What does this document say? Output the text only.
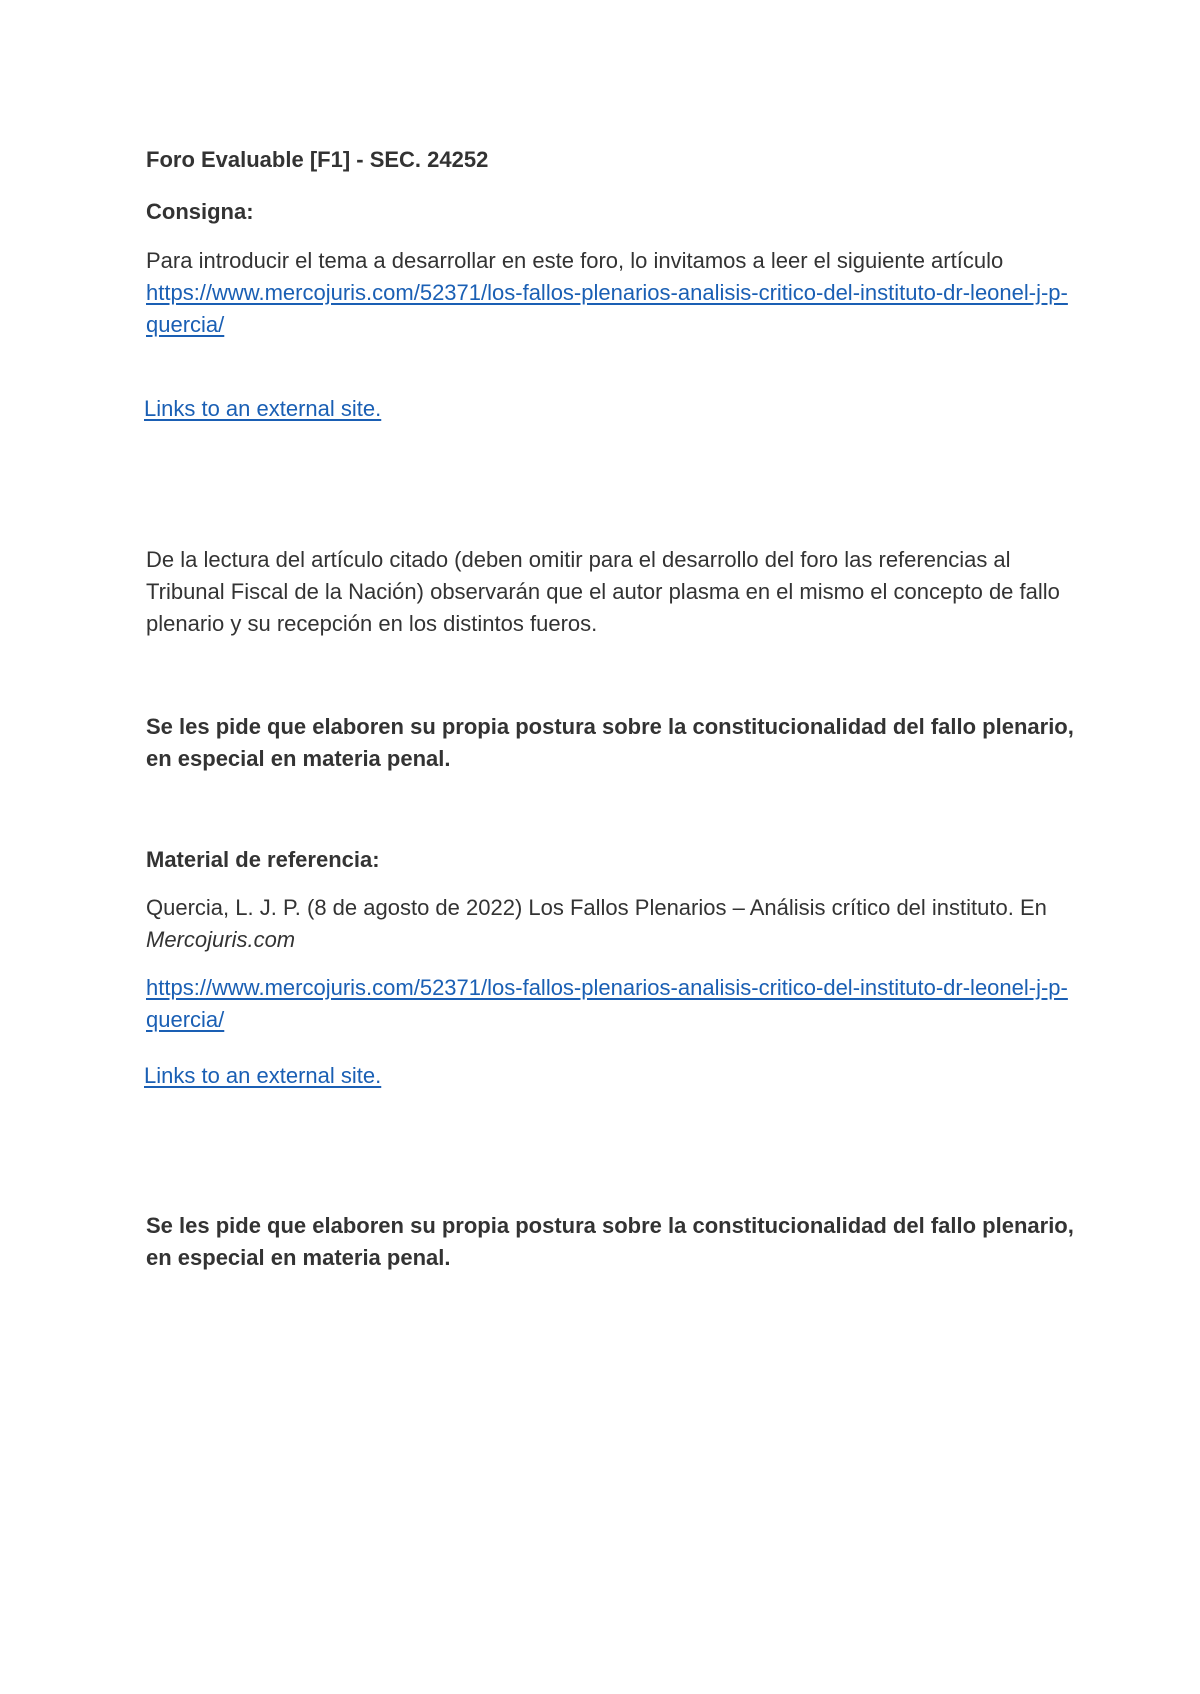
Foro Evaluable [F1] - SEC. 24252

Consigna:

Para introducir el tema a desarrollar en este foro, lo invitamos a leer el siguiente artículo
https://www.mercojuris.com/52371/los-fallos-plenarios-analisis-critico-del-instituto-dr-leonel-j-p-quercia/
Links to an external site.

De la lectura del artículo citado (deben omitir para el desarrollo del foro las referencias al Tribunal Fiscal de la Nación) observarán que el autor plasma en el mismo el concepto de fallo plenario y su recepción en los distintos fueros.

Se les pide que elaboren su propia postura sobre la constitucionalidad del fallo plenario, en especial en materia penal.

Material de referencia:

Quercia, L. J. P. (8 de agosto de 2022) Los Fallos Plenarios – Análisis crítico del instituto. En Mercojuris.com

https://www.mercojuris.com/52371/los-fallos-plenarios-analisis-critico-del-instituto-dr-leonel-j-p-quercia/

Links to an external site.

Se les pide que elaboren su propia postura sobre la constitucionalidad del fallo plenario, en especial en materia penal.
